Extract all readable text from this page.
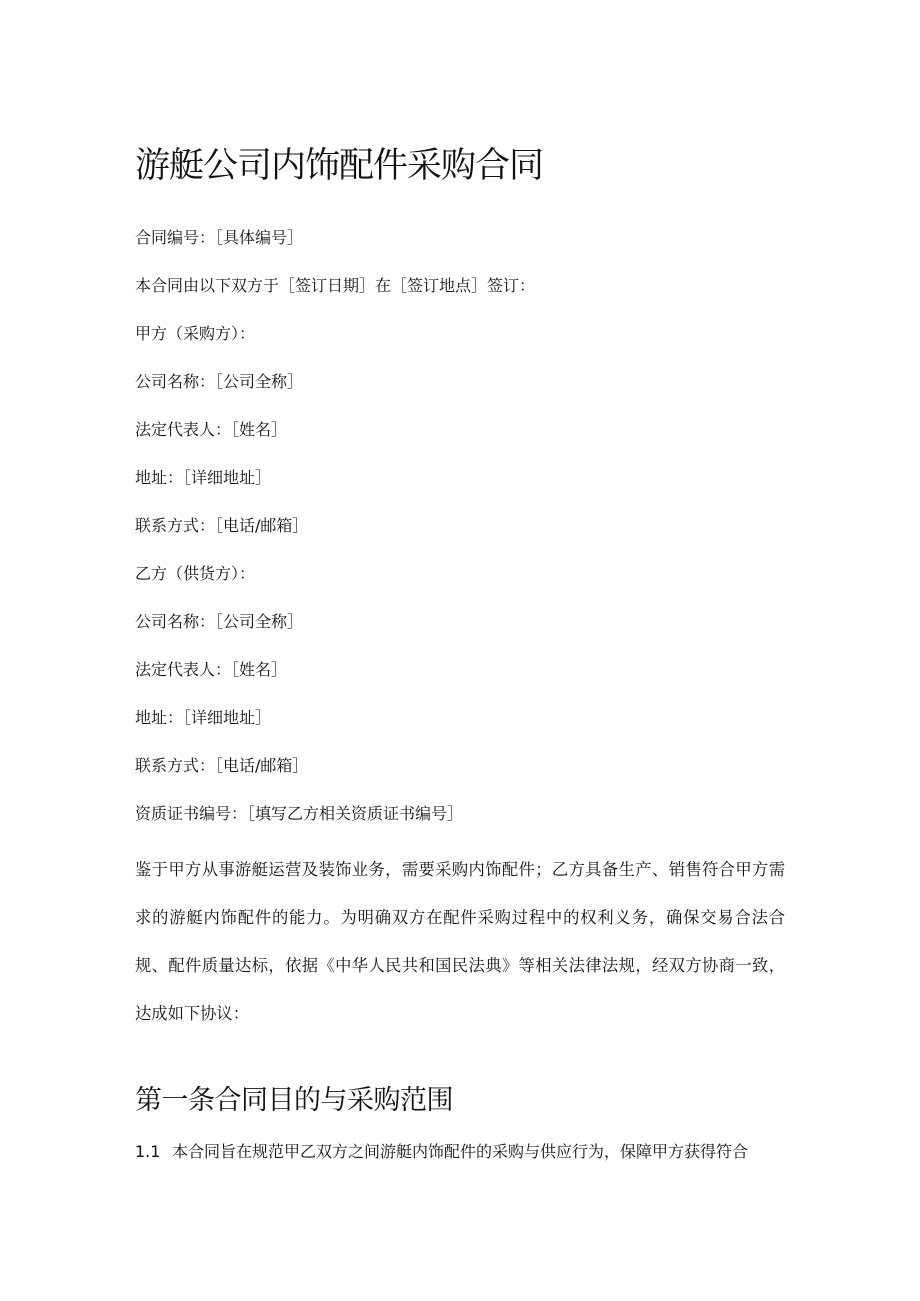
游艇公司内饰配件采购合同
合同编号：［具体编号］
本合同由以下双方于［签订日期］在［签订地点］签订：
甲方（采购方）：
公司名称：［公司全称］
法定代表人：［姓名］
地址：［详细地址］
联系方式：［电话/邮箱］
乙方（供货方）：
公司名称：［公司全称］
法定代表人：［姓名］
地址：［详细地址］
联系方式：［电话/邮箱］
资质证书编号：［填写乙方相关资质证书编号］

鉴于甲方从事游艇运营及装饰业务，需要采购内饰配件；乙方具备生产、销售符合甲方需求的游艇内饰配件的能力。为明确双方在配件采购过程中的权利义务，确保交易合法合规、配件质量达标，依据《中华人民共和国民法典》等相关法律法规，经双方协商一致，达成如下协议：

第一条合同目的与采购范围

1.1 本合同旨在规范甲乙双方之间游艇内饰配件的采购与供应行为，保障甲方获得符合
